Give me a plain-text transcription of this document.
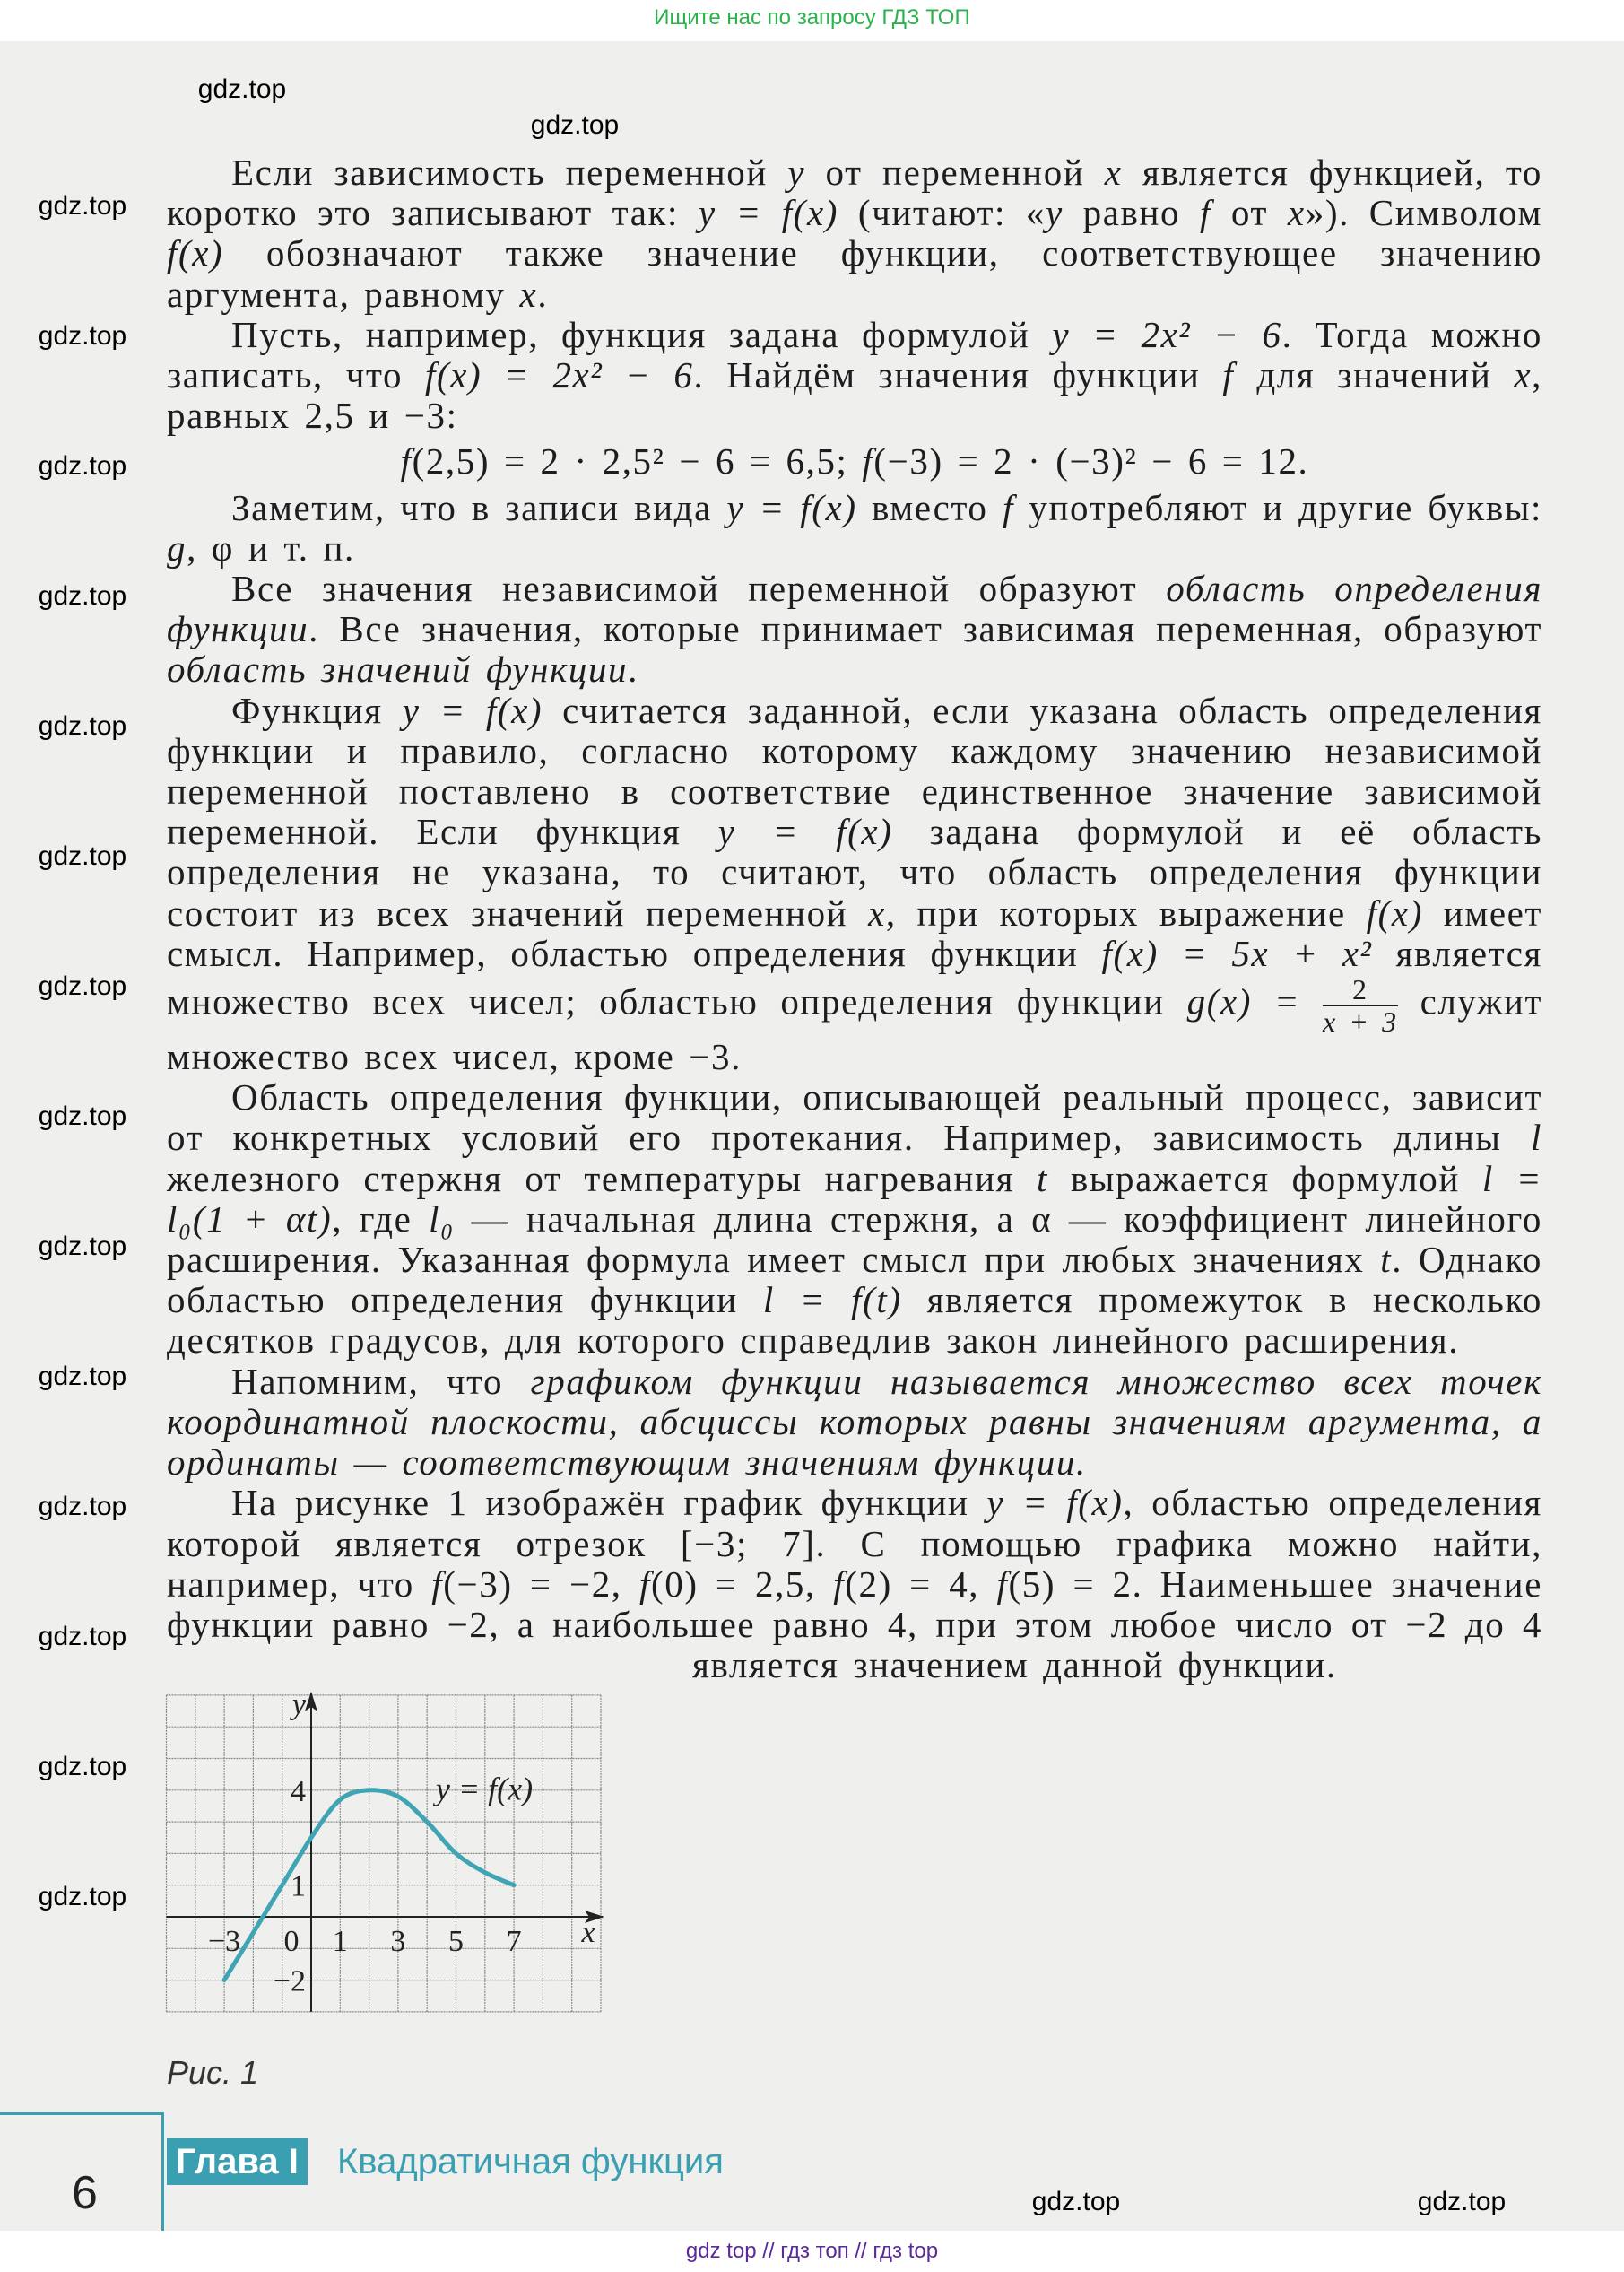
Ищите нас по запросу ГДЗ ТОП

Если зависимость переменной y от переменной x является функцией, то коротко это записывают так: y = f(x) (читают: «y равно f от x»). Символом f(x) обозначают также значение функции, соответствующее значению аргумента, равному x.

Пусть, например, функция задана формулой y = 2x² − 6. Тогда можно записать, что f(x) = 2x² − 6. Найдём значения функции f для значений x, равных 2,5 и −3:

f(2,5) = 2 · 2,5² − 6 = 6,5; f(−3) = 2 · (−3)² − 6 = 12.

Заметим, что в записи вида y = f(x) вместо f употребляют и другие буквы: g, φ и т. п.

Все значения независимой переменной образуют область определения функции. Все значения, которые принимает зависимая переменная, образуют область значений функции.

Функция y = f(x) считается заданной, если указана область определения функции и правило, согласно которому каждому значению независимой переменной поставлено в соответствие единственное значение зависимой переменной. Если функция y = f(x) задана формулой и её область определения не указана, то считают, что область определения функции состоит из всех значений переменной x, при которых выражение f(x) имеет смысл. Например, областью определения функции f(x) = 5x + x² является множество всех чисел; областью определения функции $g(x) = \frac{2}{x + 3}$ служит множество всех чисел, кроме −3.

Область определения функции, описывающей реальный процесс, зависит от конкретных условий его протекания. Например, зависимость длины l железного стержня от температуры нагревания t выражается формулой l = l₀(1 + αt), где l₀ — начальная длина стержня, а α — коэффициент линейного расширения. Указанная формула имеет смысл при любых значениях t. Однако областью определения функции l = f(t) является промежуток в несколько десятков градусов, для которого справедлив закон линейного расширения.

Напомним, что графиком функции называется множество всех точек координатной плоскости, абсциссы которых равны значениям аргумента, а ординаты — соответствующим значениям функции.

На рисунке 1 изображён график функции y = f(x), областью определения которой является отрезок [−3; 7]. С помощью графика можно найти, например, что f(−3) = −2, f(0) = 2,5, f(2) = 4, f(5) = 2. Наименьшее значение функции равно −2, а наибольшее равно 4, при этом любое число от −2 до 4 является значением данной функции.

−3 0 1 3 5 7
4
1
−2
x
y
y = f(x)
Рис. 1
6
Глава I Квадратичная функция
gdz top // гдз топ // гдз top
gdz.top
gdz.top
gdz.top
gdz.top
gdz.top
gdz.top
gdz.top
gdz.top
gdz.top
gdz.top
gdz.top
gdz.top
gdz.top
gdz.top
gdz.top
gdz.top
gdz.top	gdz.top
